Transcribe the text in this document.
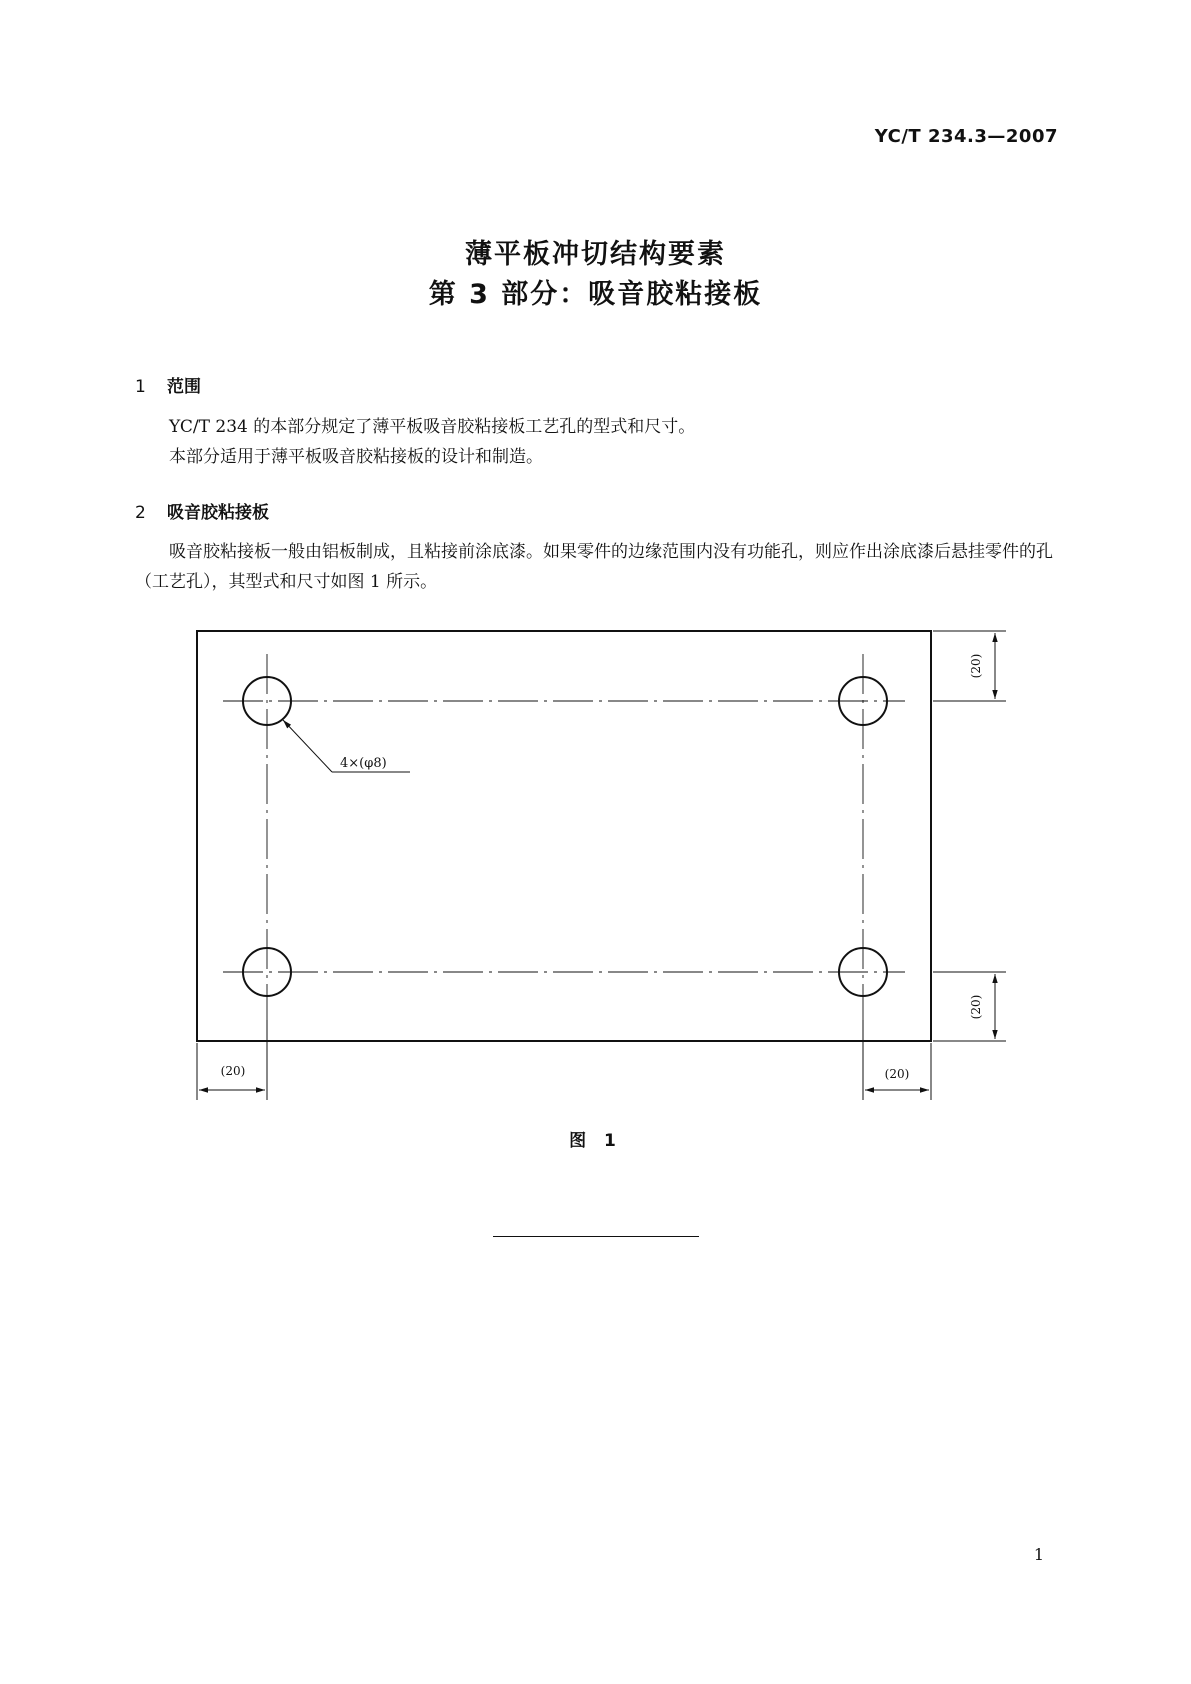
YC/T 234.3—2007
薄平板冲切结构要素
第 3 部分：吸音胶粘接板
1 范围
YC/T 234 的本部分规定了薄平板吸音胶粘接板工艺孔的型式和尺寸。
本部分适用于薄平板吸音胶粘接板的设计和制造。
2 吸音胶粘接板
吸音胶粘接板一般由铝板制成，且粘接前涂底漆。如果零件的边缘范围内没有功能孔，则应作出涂底漆后悬挂零件的孔（工艺孔），其型式和尺寸如图 1 所示。
4×(φ8)
(20)
(20)
(20)	(20)
图 1
1
